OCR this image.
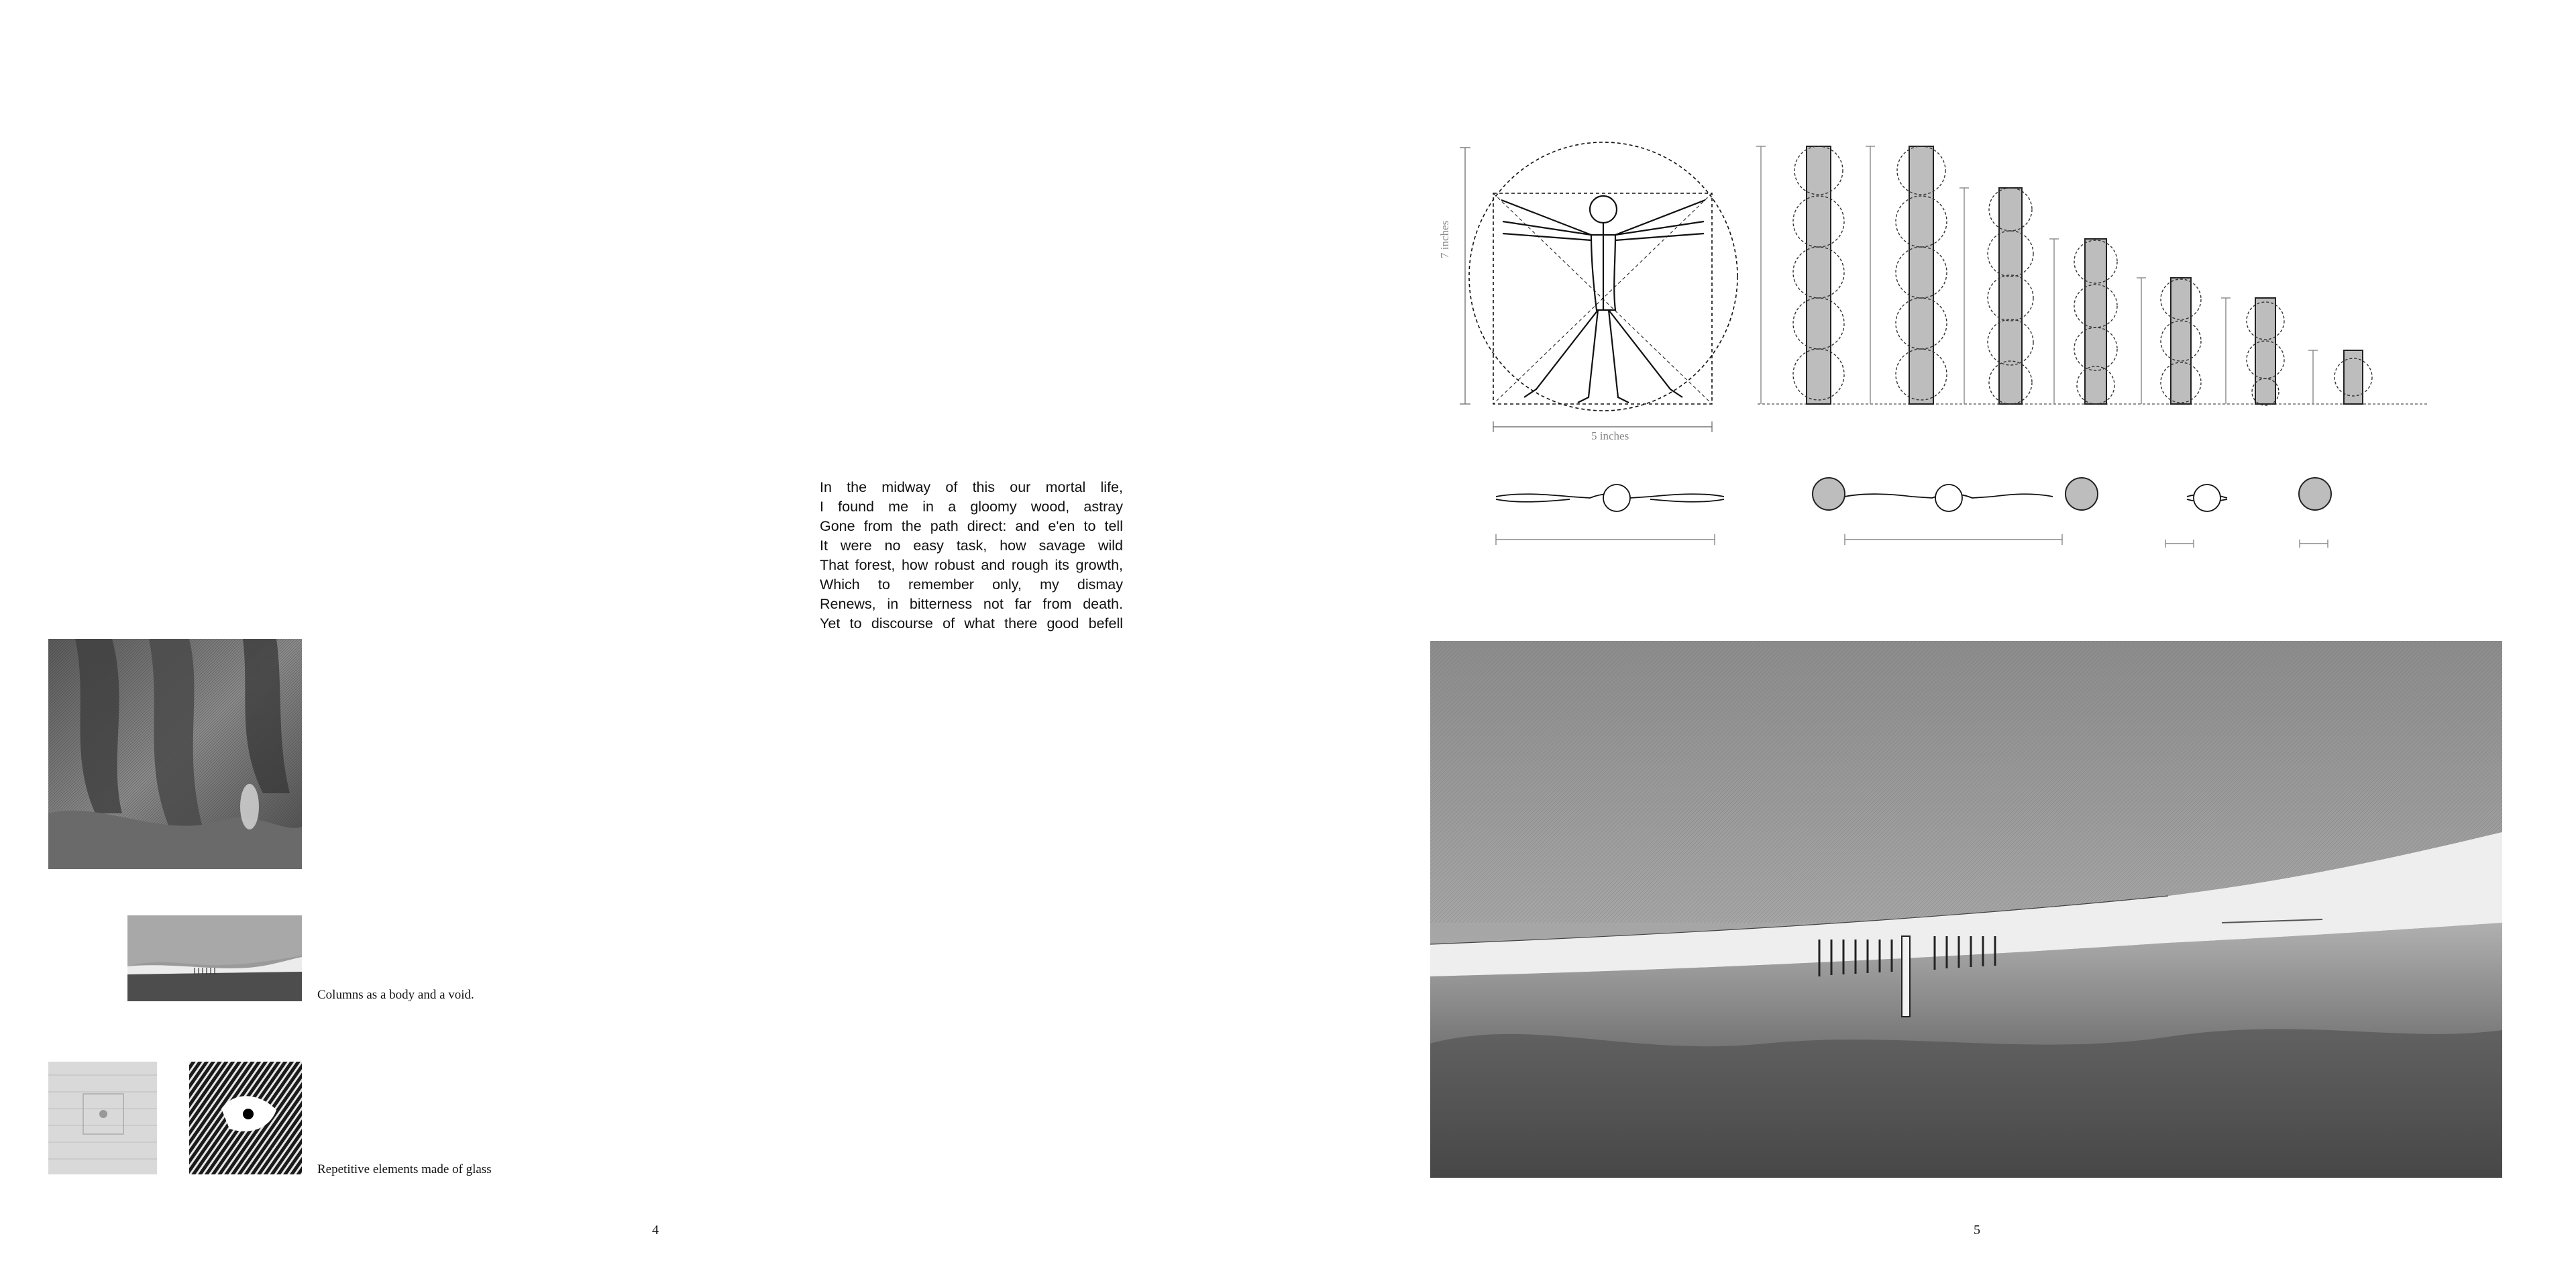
Columns as a body and a void.
Repetitive elements made of glass
In the midway of this our mortal life,
I found me in a gloomy wood, astray
Gone from the path direct: and e'en to tell
It were no easy task, how savage wild
That forest, how robust and rough its growth,
Which to remember only, my dismay
Renews, in bitterness not far from death.
Yet to discourse of what there good befell
4
7 inches
5 inches
5
